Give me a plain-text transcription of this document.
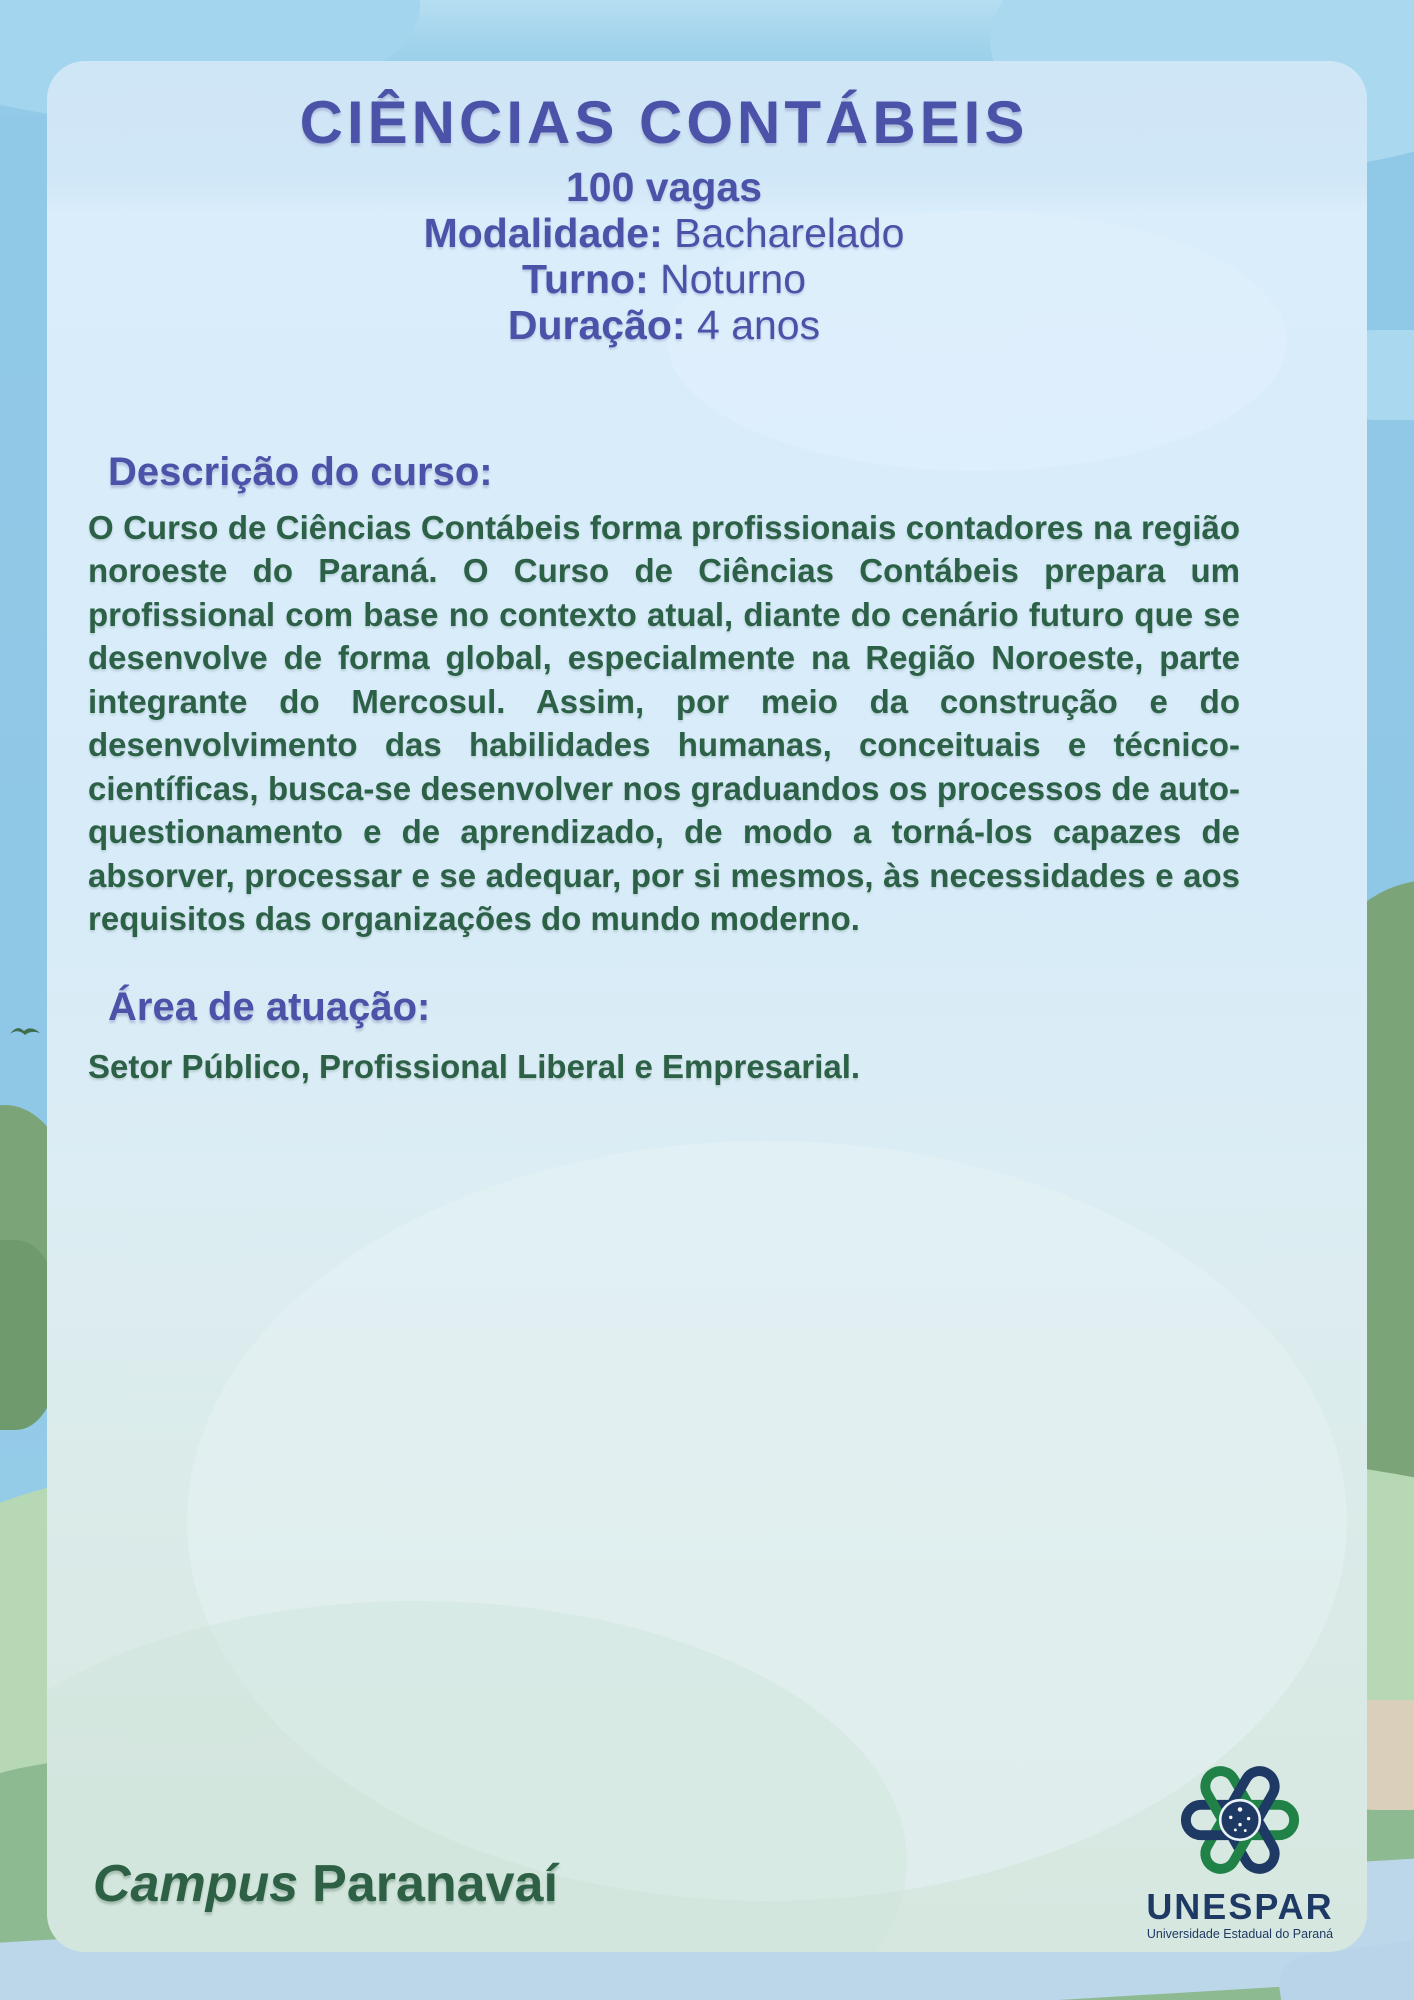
CIÊNCIAS CONTÁBEIS
100 vagas
Modalidade: Bacharelado
Turno: Noturno
Duração: 4 anos
Descrição do curso:

O Curso de Ciências Contábeis forma profissionais contadores na região noroeste do Paraná. O Curso de Ciências Contábeis prepara um profissional com base no contexto atual, diante do cenário futuro que se desenvolve de forma global, especialmente na Região Noroeste, parte integrante do Mercosul. Assim, por meio da construção e do desenvolvimento das habilidades humanas, conceituais e técnico-científicas, busca-se desenvolver nos graduandos os processos de auto-questionamento e de aprendizado, de modo a torná-los capazes de absorver, processar e se adequar, por si mesmos, às necessidades e aos requisitos das organizações do mundo moderno.

Área de atuação:

Setor Público, Profissional Liberal e Empresarial.

Campus Paranavaí	UNESPAR
Universidade Estadual do Paraná
